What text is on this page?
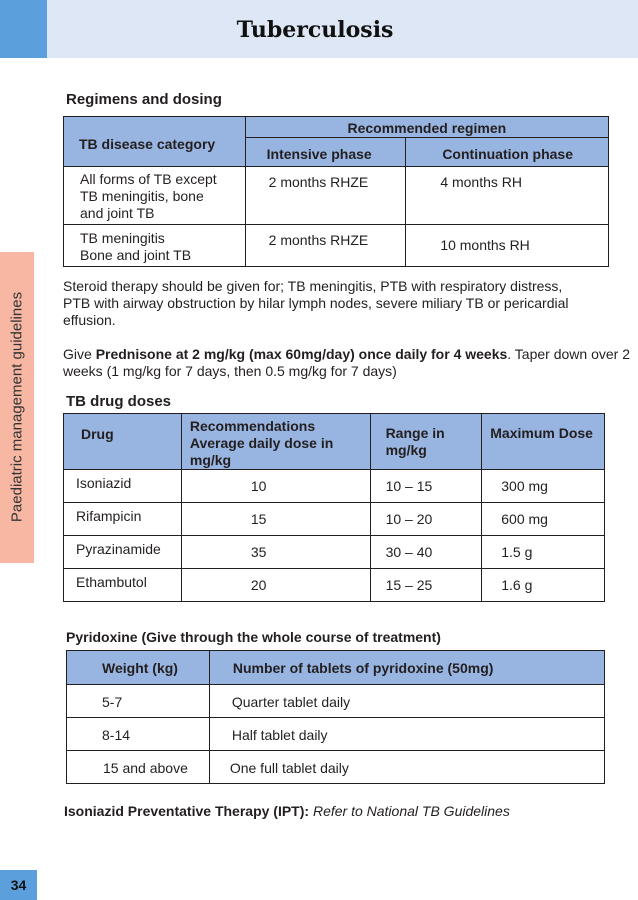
Tuberculosis
Paediatric management guidelines
Regimens and dosing
TB disease category	Recommended regimen	
	Intensive phase	Continuation phase
All forms of TB except TB meningitis, bone and joint TB	2 months RHZE	4 months RH

TB meningitis
Bone and joint TB	2 months RHZE	10 months RH
Steroid therapy should be given for; TB meningitis, PTB with respiratory distress, PTB with airway obstruction by hilar lymph nodes, severe miliary TB or pericardial effusion.
Give Prednisone at 2 mg/kg (max 60mg/day) once daily for 4 weeks. Taper down over 2 weeks (1 mg/kg for 7 days, then 0.5 mg/kg for 7 days)
TB drug doses
Drug	Recommendations Average daily dose in mg/kg	Range in mg/kg	Maximum Dose
Isoniazid	10	10 – 15	300 mg
Rifampicin	15	10 – 20	600 mg
Pyrazinamide	35	30 – 40	1.5 g
Ethambutol	20	15 – 25	1.6 g
Pyridoxine (Give through the whole course of treatment)
Weight (kg)	Number of tablets of pyridoxine (50mg)
5-7	Quarter tablet daily
8-14	Half tablet daily
15 and above	One full tablet daily
Isoniazid Preventative Therapy (IPT): Refer to National TB Guidelines
34
